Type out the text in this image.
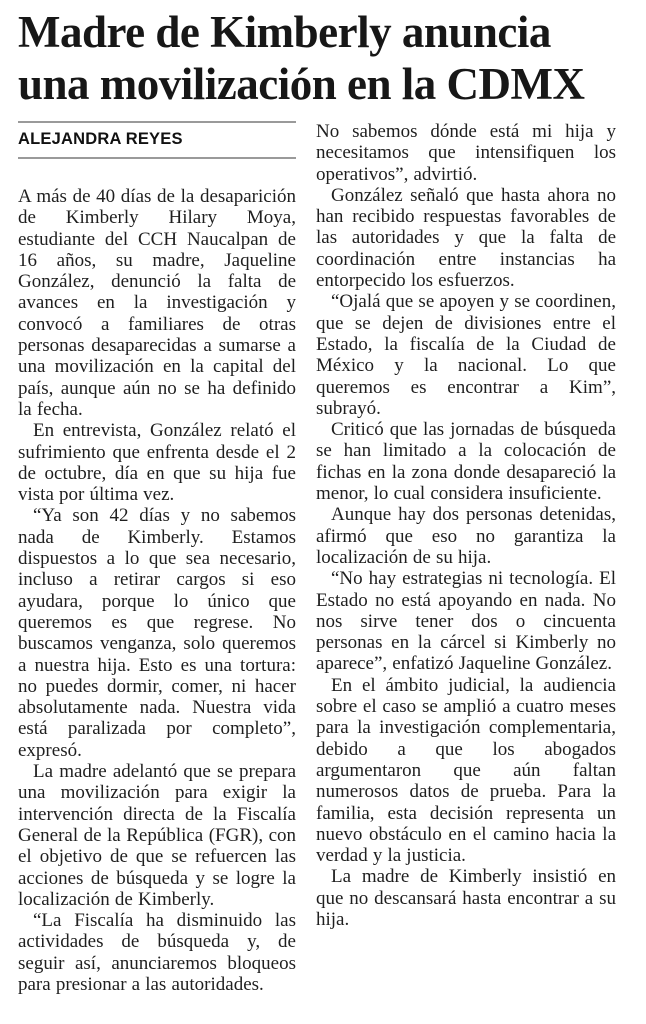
Madre de Kimberly anuncia
una movilización en la CDMX
ALEJANDRA REYES

A más de 40 días de la desaparición de Kimberly Hilary Moya, estudiante del CCH Naucalpan de 16 años, su madre, Jaqueline González, denunció la falta de avances en la investigación y convocó a familiares de otras personas desaparecidas a sumarse a una movilización en la capital del país, aunque aún no se ha definido la fecha.

En entrevista, González relató el sufrimiento que enfrenta desde el 2 de octubre, día en que su hija fue vista por última vez.

“Ya son 42 días y no sabemos nada de Kimberly. Estamos dispuestos a lo que sea necesario, incluso a retirar cargos si eso ayudara, porque lo único que queremos es que regrese. No buscamos venganza, solo queremos a nuestra hija. Esto es una tortura: no puedes dormir, comer, ni hacer absolutamente nada. Nuestra vida está paralizada por completo”, expresó.

La madre adelantó que se prepara una movilización para exigir la intervención directa de la Fiscalía General de la República (FGR), con el objetivo de que se refuercen las acciones de búsqueda y se logre la localización de Kimberly.

“La Fiscalía ha disminuido las actividades de búsqueda y, de seguir así, anunciaremos bloqueos para presionar a las autoridades.

No sabemos dónde está mi hija y necesitamos que intensifiquen los operativos”, advirtió.

González señaló que hasta ahora no han recibido respuestas favorables de las autoridades y que la falta de coordinación entre instancias ha entorpecido los esfuerzos.

“Ojalá que se apoyen y se coordinen, que se dejen de divisiones entre el Estado, la fiscalía de la Ciudad de México y la nacional. Lo que queremos es encontrar a Kim”, subrayó.

Criticó que las jornadas de búsqueda se han limitado a la colocación de fichas en la zona donde desapareció la menor, lo cual considera insuficiente.

Aunque hay dos personas detenidas, afirmó que eso no garantiza la localización de su hija.

“No hay estrategias ni tecnología. El Estado no está apoyando en nada. No nos sirve tener dos o cincuenta personas en la cárcel si Kimberly no aparece”, enfatizó Jaqueline González.

En el ámbito judicial, la audiencia sobre el caso se amplió a cuatro meses para la investigación complementaria, debido a que los abogados argumentaron que aún faltan numerosos datos de prueba. Para la familia, esta decisión representa un nuevo obstáculo en el camino hacia la verdad y la justicia.

La madre de Kimberly insistió en que no descansará hasta encontrar a su hija.
